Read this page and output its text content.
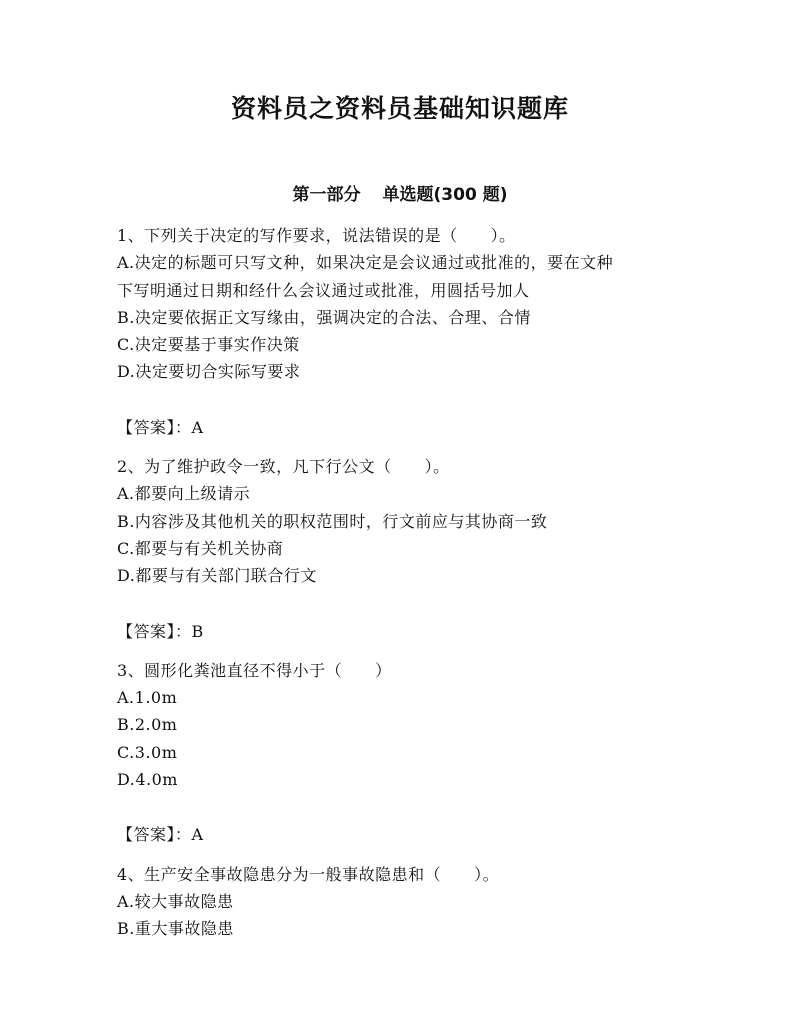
资料员之资料员基础知识题库
第一部分 单选题(300 题)
1、下列关于决定的写作要求，说法错误的是（　　）。
A.决定的标题可只写文种，如果决定是会议通过或批准的，要在文种
下写明通过日期和经什么会议通过或批准，用圆括号加人
B.决定要依据正文写缘由，强调决定的合法、合理、合情
C.决定要基于事实作决策
D.决定要切合实际写要求
【答案】：A
2、为了维护政令一致，凡下行公文（　　）。
A.都要向上级请示
B.内容涉及其他机关的职权范围时，行文前应与其协商一致
C.都要与有关机关协商
D.都要与有关部门联合行文
【答案】：B
3、圆形化粪池直径不得小于（　　）
A.1.0m
B.2.0m
C.3.0m
D.4.0m
【答案】：A
4、生产安全事故隐患分为一般事故隐患和（　　）。
A.较大事故隐患
B.重大事故隐患
